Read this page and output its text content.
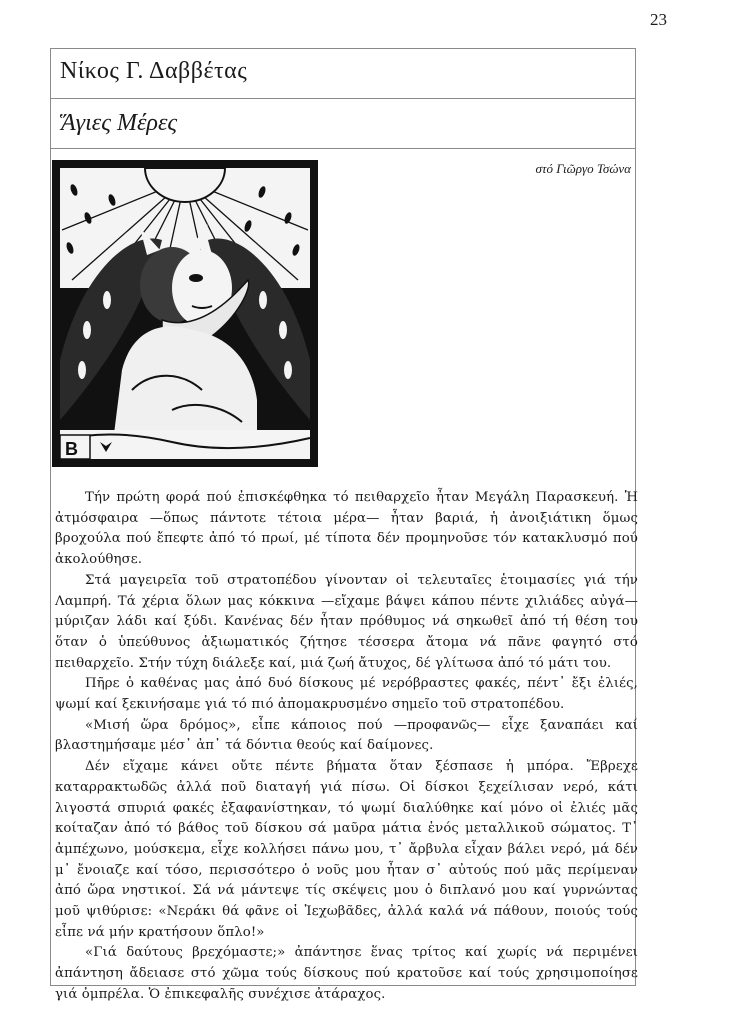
23
Νίκος Γ. Δαββέτας
Ἅγιες Μέρες
στό Γιῶργο Τσώνα
B

Τήν πρώτη φορά πού ἐπισκέφθηκα τό πειθαρχεῖο ἦταν Μεγάλη Παρασκευή. Ἡ ἀτμόσφαιρα —ὅπως πάντοτε τέτοια μέρα— ἦταν βαριά, ἡ ἀνοιξιάτικη ὅμως βροχούλα πού ἔπεφτε ἀπό τό πρωί, μέ τίποτα δέν προμηνοῦσε τόν κατακλυσμό πού ἀκολούθησε.

Στά μαγειρεῖα τοῦ στρατοπέδου γίνονταν οἱ τελευταῖες ἑτοιμασίες γιά τήν Λαμπρή. Τά χέρια ὅλων μας κόκκινα —εἴχαμε βάψει κάπου πέντε χιλιάδες αὐγά— μύριζαν λάδι καί ξύδι. Κανένας δέν ἦταν πρόθυμος νά σηκωθεῖ ἀπό τή θέση του ὅταν ὁ ὑπεύθυνος ἀξιωματικός ζήτησε τέσσερα ἄτομα νά πᾶνε φαγητό στό πειθαρχεῖο. Στήν τύχη διάλεξε καί, μιά ζωή ἄτυχος, δέ γλίτωσα ἀπό τό μάτι του.

Πῆρε ὁ καθένας μας ἀπό δυό δίσκους μέ νερόβραστες φακές, πέντ᾽ ἔξι ἐλιές, ψωμί καί ξεκινήσαμε γιά τό πιό ἀπομακρυσμένο σημεῖο τοῦ στρατοπέδου.

«Μισή ὥρα δρόμος», εἶπε κάποιος πού —προφανῶς— εἶχε ξαναπάει καί βλαστημήσαμε μέσ᾽ ἀπ᾽ τά δόντια θεούς καί δαίμονες.

Δέν εἴχαμε κάνει οὔτε πέντε βήματα ὅταν ξέσπασε ἡ μπόρα. Ἔβρεχε καταρρακτωδῶς ἀλλά ποῦ διαταγή γιά πίσω. Οἱ δίσκοι ξεχείλισαν νερό, κάτι λιγοστά σπυριά φακές ἐξαφανίστηκαν, τό ψωμί διαλύθηκε καί μόνο οἱ ἐλιές μᾶς κοίταζαν ἀπό τό βάθος τοῦ δίσκου σά μαῦρα μάτια ἑνός μεταλλικοῦ σώματος. Τ᾽ ἀμπέχωνο, μούσκεμα, εἶχε κολλήσει πάνω μου, τ᾽ ἄρβυλα εἶχαν βάλει νερό, μά δέν μ᾽ ἔνοιαζε καί τόσο, περισσότερο ὁ νοῦς μου ἦταν σ᾽ αὐτούς πού μᾶς περίμεναν ἀπό ὥρα νηστικοί. Σά νά μάντεψε τίς σκέψεις μου ὁ διπλανό μου καί γυρνώντας μοῦ ψιθύρισε: «Νεράκι θά φᾶνε οἱ Ἰεχωβᾶδες, ἀλλά καλά νά πάθουν, ποιούς τούς εἶπε νά μήν κρατήσουν ὅπλο!»

«Γιά δαύτους βρεχόμαστε;» ἀπάντησε ἕνας τρίτος καί χωρίς νά περιμένει ἀπάντηση ἄδειασε στό χῶμα τούς δίσκους πού κρατοῦσε καί τούς χρησιμοποίησε γιά ὀμπρέλα. Ὁ ἐπικεφαλῆς συνέχισε ἀτάραχος.
